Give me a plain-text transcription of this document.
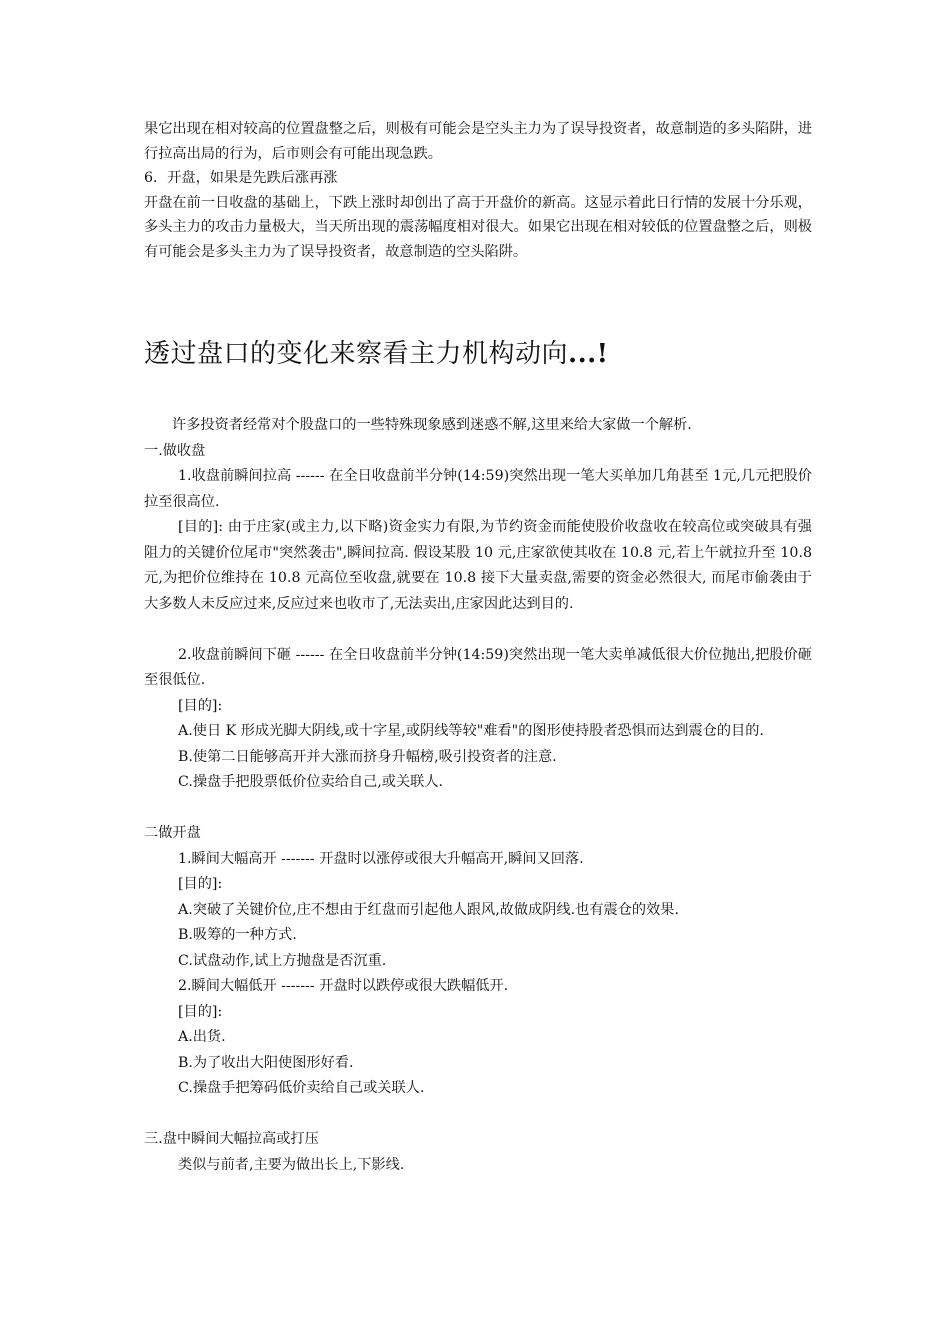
果它出现在相对较高的位置盘整之后，则极有可能会是空头主力为了误导投资者，故意制造的多头陷阱，进行拉高出局的行为，后市则会有可能出现急跌。

6．开盘，如果是先跌后涨再涨

开盘在前一日收盘的基础上，下跌上涨时却创出了高于开盘价的新高。这显示着此日行情的发展十分乐观，多头主力的攻击力量极大，当天所出现的震荡幅度相对很大。如果它出现在相对较低的位置盘整之后，则极有可能会是多头主力为了误导投资者，故意制造的空头陷阱。

透过盘口的变化来察看主力机构动向...!

许多投资者经常对个股盘口的一些特殊现象感到迷惑不解,这里来给大家做一个解析.

一.做收盘

1.收盘前瞬间拉高 ------ 在全日收盘前半分钟(14:59)突然出现一笔大买单加几角甚至 1元,几元把股价拉至很高位.

[目的]: 由于庄家(或主力,以下略)资金实力有限,为节约资金而能使股价收盘收在较高位或突破具有强阻力的关键价位尾市"突然袭击",瞬间拉高. 假设某股 10 元,庄家欲使其收在 10.8 元,若上午就拉升至 10.8 元,为把价位维持在 10.8 元高位至收盘,就要在 10.8 接下大量卖盘,需要的资金必然很大, 而尾市偷袭由于大多数人未反应过来,反应过来也收市了,无法卖出,庄家因此达到目的.

2.收盘前瞬间下砸 ------ 在全日收盘前半分钟(14:59)突然出现一笔大卖单减低很大价位抛出,把股价砸至很低位.

[目的]:

A.使日 K 形成光脚大阴线,或十字星,或阴线等较"难看"的图形使持股者恐惧而达到震仓的目的.

B.使第二日能够高开并大涨而挤身升幅榜,吸引投资者的注意.

C.操盘手把股票低价位卖给自己,或关联人.

二做开盘

1.瞬间大幅高开 ------- 开盘时以涨停或很大升幅高开,瞬间又回落.

[目的]:

A.突破了关键价位,庄不想由于红盘而引起他人跟风,故做成阴线.也有震仓的效果.

B.吸筹的一种方式.

C.试盘动作,试上方抛盘是否沉重.

2.瞬间大幅低开 ------- 开盘时以跌停或很大跌幅低开.

[目的]:

A.出货.

B.为了收出大阳使图形好看.

C.操盘手把筹码低价卖给自己或关联人.

三.盘中瞬间大幅拉高或打压

类似与前者,主要为做出长上,下影线.
